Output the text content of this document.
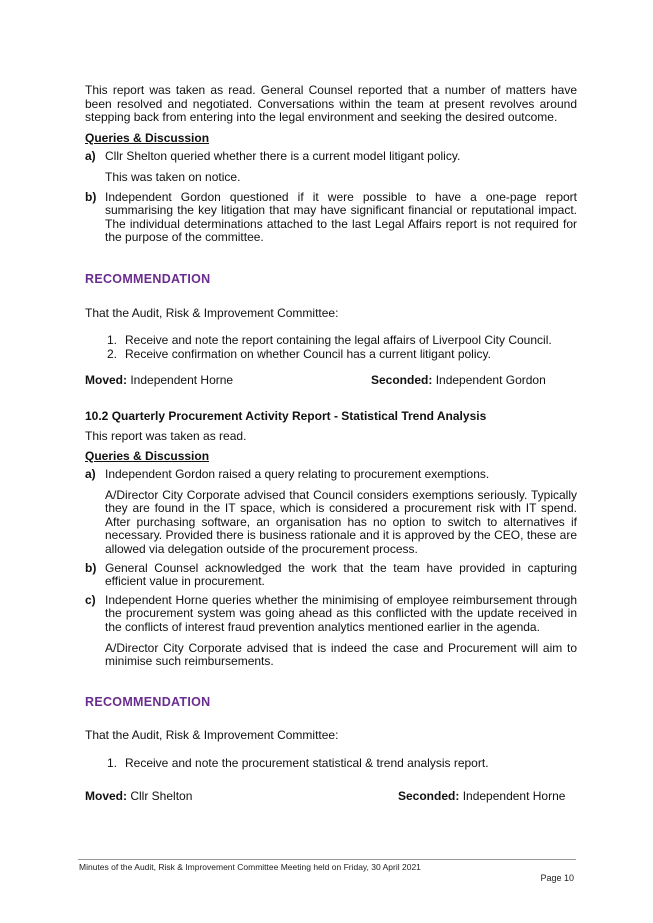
This report was taken as read. General Counsel reported that a number of matters have been resolved and negotiated. Conversations within the team at present revolves around stepping back from entering into the legal environment and seeking the desired outcome.

Queries & Discussion

a) Cllr Shelton queried whether there is a current model litigant policy.

This was taken on notice.

b) Independent Gordon questioned if it were possible to have a one-page report summarising the key litigation that may have significant financial or reputational impact. The individual determinations attached to the last Legal Affairs report is not required for the purpose of the committee.

RECOMMENDATION

That the Audit, Risk & Improvement Committee:

1. Receive and note the report containing the legal affairs of Liverpool City Council.
2. Receive confirmation on whether Council has a current litigant policy.
Moved: Independent Horne	Seconded: Independent Gordon

10.2 Quarterly Procurement Activity Report - Statistical Trend Analysis

This report was taken as read.

Queries & Discussion

a) Independent Gordon raised a query relating to procurement exemptions.

A/Director City Corporate advised that Council considers exemptions seriously. Typically they are found in the IT space, which is considered a procurement risk with IT spend. After purchasing software, an organisation has no option to switch to alternatives if necessary. Provided there is business rationale and it is approved by the CEO, these are allowed via delegation outside of the procurement process.

b) General Counsel acknowledged the work that the team have provided in capturing efficient value in procurement.

c) Independent Horne queries whether the minimising of employee reimbursement through the procurement system was going ahead as this conflicted with the update received in the conflicts of interest fraud prevention analytics mentioned earlier in the agenda.

A/Director City Corporate advised that is indeed the case and Procurement will aim to minimise such reimbursements.

RECOMMENDATION

That the Audit, Risk & Improvement Committee:

1. Receive and note the procurement statistical & trend analysis report.
Moved: Cllr Shelton	Seconded: Independent Horne
Minutes of the Audit, Risk & Improvement Committee Meeting held on Friday, 30 April 2021
Page 10
